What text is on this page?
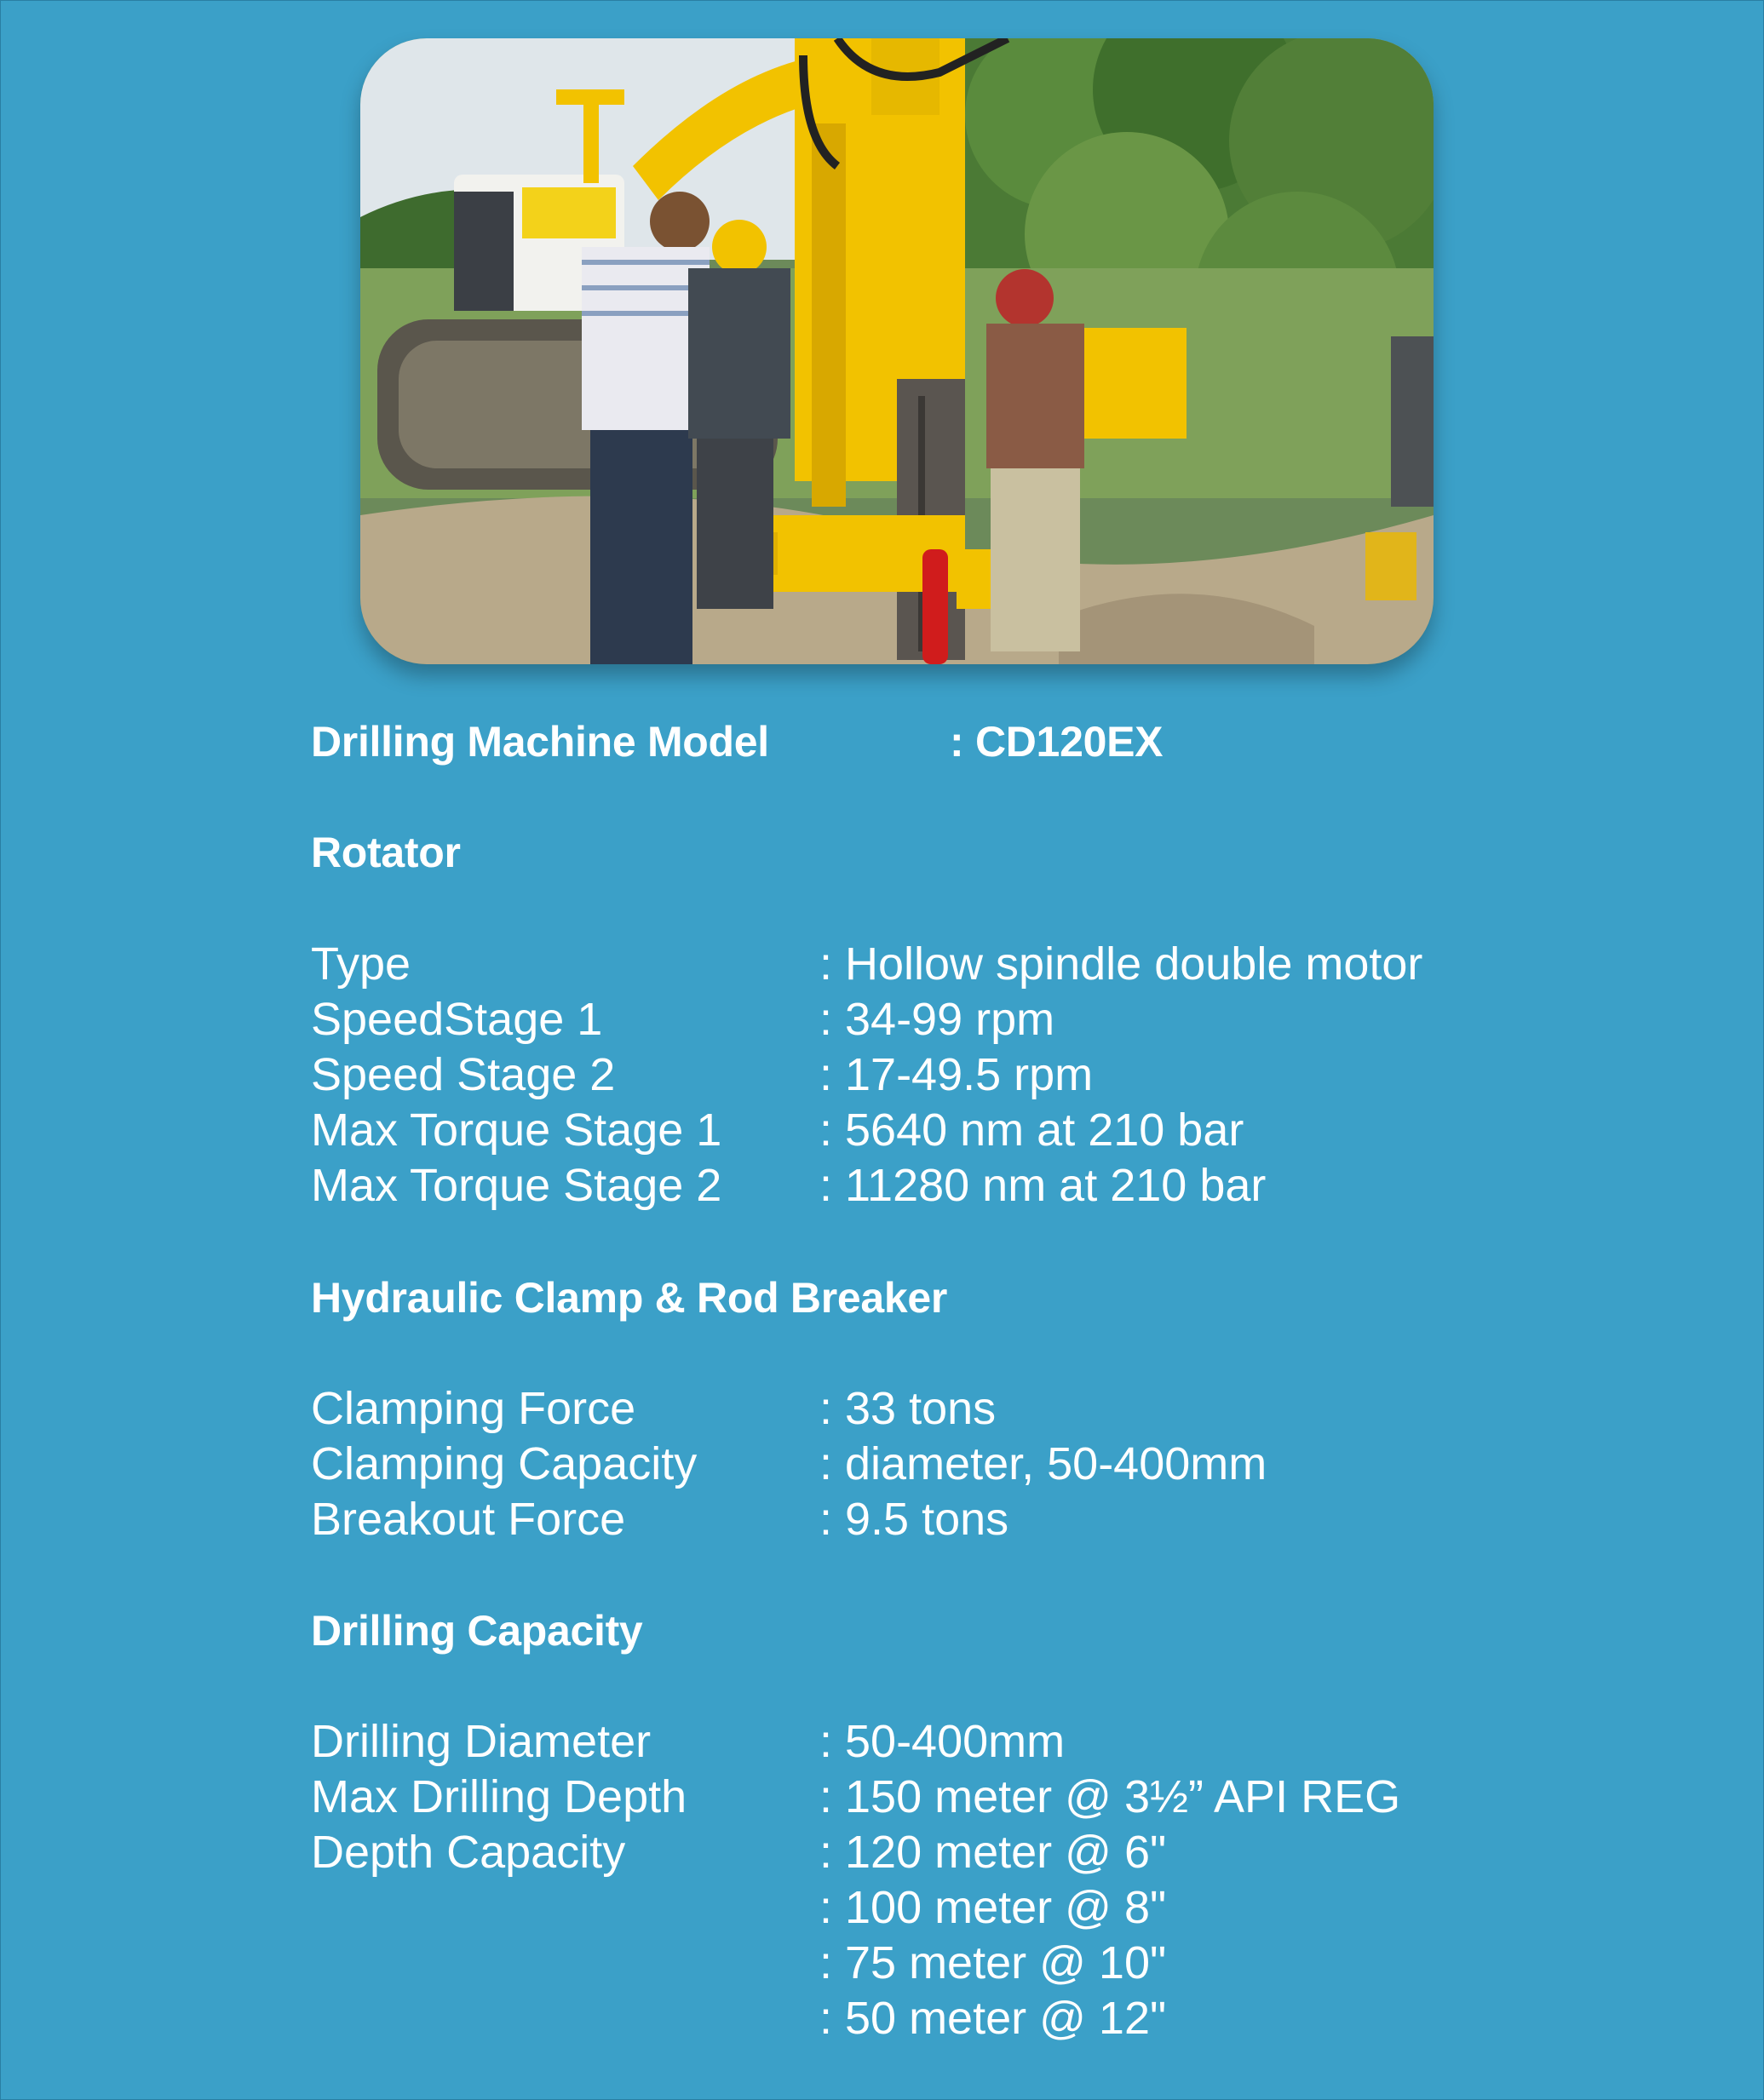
Drilling Machine Model	: CD120EX
Rotator
Type	: Hollow spindle double motor
SpeedStage 1	: 34-99 rpm
Speed Stage 2	: 17-49.5 rpm
Max Torque Stage 1 : 5640 nm at 210 bar
Max Torque Stage 2 : 11280 nm at 210 bar
Hydraulic Clamp & Rod Breaker
Clamping Force	: 33 tons
Clamping Capacity	: diameter, 50-400mm
Breakout Force	: 9.5 tons
Drilling Capacity
Drilling Diameter	: 50-400mm
Max Drilling Depth	: 150 meter @ 3½” API REG
Depth Capacity	: 120 meter @ 6"
: 100 meter @ 8"
: 75 meter @ 10"
: 50 meter @ 12"
